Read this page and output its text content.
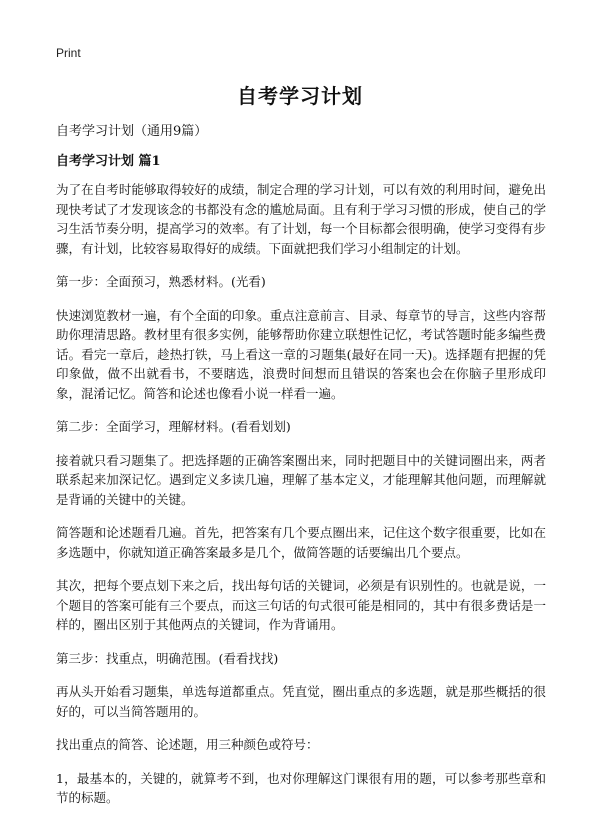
Print
自考学习计划
自考学习计划（通用9篇）
自考学习计划 篇1

为了在自考时能够取得较好的成绩，制定合理的学习计划，可以有效的利用时间，避免出现快考试了才发现该念的书都没有念的尴尬局面。且有利于学习习惯的形成，使自己的学习生活节奏分明，提高学习的效率。有了计划，每一个目标都会很明确，使学习变得有步骤，有计划，比较容易取得好的成绩。下面就把我们学习小组制定的计划。

第一步：全面预习，熟悉材料。(光看)

快速浏览教材一遍，有个全面的印象。重点注意前言、目录、每章节的导言，这些内容帮助你理清思路。教材里有很多实例，能够帮助你建立联想性记忆，考试答题时能多编些费话。看完一章后，趁热打铁，马上看这一章的习题集(最好在同一天)。选择题有把握的凭印象做，做不出就看书，不要瞎选，浪费时间想而且错误的答案也会在你脑子里形成印象，混淆记忆。简答和论述也像看小说一样看一遍。

第二步：全面学习，理解材料。(看看划划)

接着就只看习题集了。把选择题的正确答案圈出来，同时把题目中的关键词圈出来，两者联系起来加深记忆。遇到定义多读几遍，理解了基本定义，才能理解其他问题，而理解就是背诵的关键中的关键。

简答题和论述题看几遍。首先，把答案有几个要点圈出来，记住这个数字很重要，比如在多选题中，你就知道正确答案最多是几个，做简答题的话要编出几个要点。

其次，把每个要点划下来之后，找出每句话的关键词，必须是有识别性的。也就是说，一个题目的答案可能有三个要点，而这三句话的句式很可能是相同的，其中有很多费话是一样的，圈出区别于其他两点的关键词，作为背诵用。

第三步：找重点，明确范围。(看看找找)

再从头开始看习题集，单选每道都重点。凭直觉，圈出重点的多选题，就是那些概括的很好的，可以当简答题用的。

找出重点的简答、论述题，用三种颜色或符号：

1，最基本的，关键的，就算考不到，也对你理解这门课很有用的题，可以参考那些章和节的标题。
